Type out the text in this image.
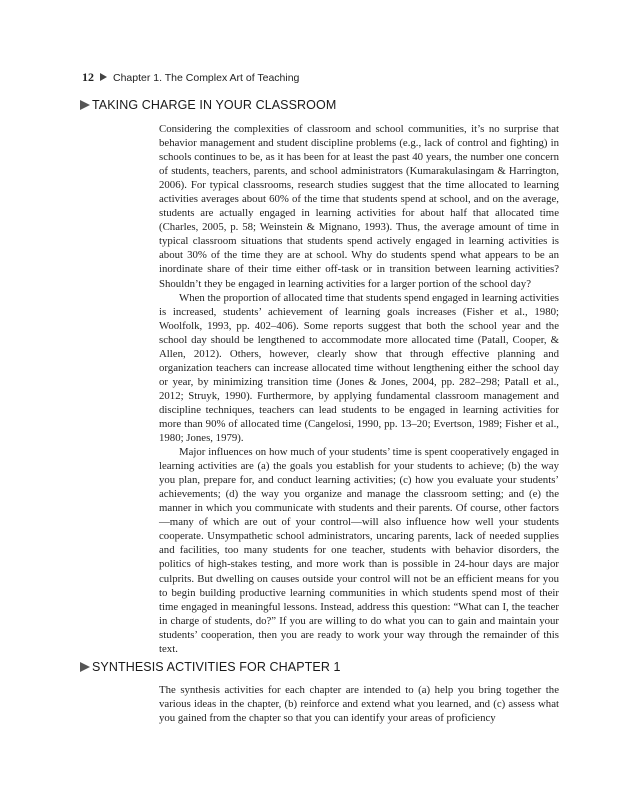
12 Chapter 1. The Complex Art of Teaching
TAKING CHARGE IN YOUR CLASSROOM

Considering the complexities of classroom and school communities, it’s no surprise that behavior management and student discipline problems (e.g., lack of control and fighting) in schools continues to be, as it has been for at least the past 40 years, the number one concern of students, teachers, parents, and school administrators (Kumarakulasingam & Harrington, 2006). For typical classrooms, research studies suggest that the time allocated to learning activities averages about 60% of the time that students spend at school, and on the average, students are actually engaged in learning activities for about half that allocated time (Charles, 2005, p. 58; Weinstein & Mignano, 1993). Thus, the average amount of time in typical classroom situations that students spend actively engaged in learning activities is about 30% of the time they are at school. Why do students spend what appears to be an inordinate share of their time either off-task or in transition between learning activities? Shouldn’t they be engaged in learning activities for a larger portion of the school day?

When the proportion of allocated time that students spend engaged in learning activities is increased, students’ achievement of learning goals increases (Fisher et al., 1980; Woolfolk, 1993, pp. 402–406). Some reports suggest that both the school year and the school day should be lengthened to accommodate more allocated time (Patall, Cooper, & Allen, 2012). Others, however, clearly show that through effective planning and organization teachers can increase allocated time without lengthening either the school day or year, by minimizing transition time (Jones & Jones, 2004, pp. 282–298; Patall et al., 2012; Struyk, 1990). Furthermore, by applying fundamental classroom management and discipline techniques, teachers can lead students to be engaged in learning activities for more than 90% of allocated time (Cangelosi, 1990, pp. 13–20; Evertson, 1989; Fisher et al., 1980; Jones, 1979).

Major influences on how much of your students’ time is spent cooperatively engaged in learning activities are (a) the goals you establish for your students to achieve; (b) the way you plan, prepare for, and conduct learning activities; (c) how you evaluate your students’ achievements; (d) the way you organize and manage the classroom setting; and (e) the manner in which you communicate with students and their parents. Of course, other factors—many of which are out of your control—will also influence how well your students cooperate. Unsympathetic school administrators, uncaring parents, lack of needed supplies and facilities, too many students for one teacher, students with behavior disorders, the politics of high-stakes testing, and more work than is possible in 24-hour days are major culprits. But dwelling on causes outside your control will not be an efficient means for you to begin building productive learning communities in which students spend most of their time engaged in meaningful lessons. Instead, address this question: “What can I, the teacher in charge of students, do?” If you are willing to do what you can to gain and maintain your students’ cooperation, then you are ready to work your way through the remainder of this text.

SYNTHESIS ACTIVITIES FOR CHAPTER 1

The synthesis activities for each chapter are intended to (a) help you bring together the various ideas in the chapter, (b) reinforce and extend what you learned, and (c) assess what you gained from the chapter so that you can identify your areas of proficiency
